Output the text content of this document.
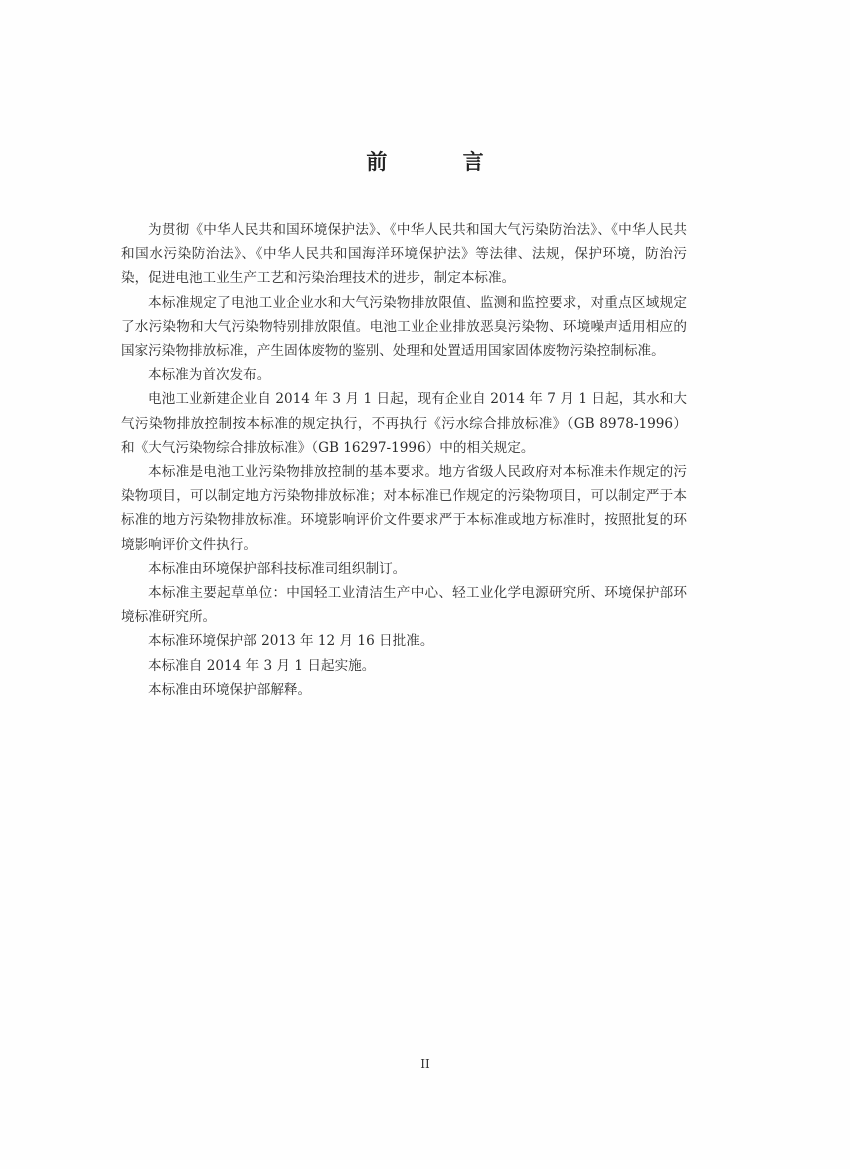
前 言

为贯彻《中华人民共和国环境保护法》、《中华人民共和国大气污染防治法》、《中华人民共和国水污染防治法》、《中华人民共和国海洋环境保护法》等法律、法规，保护环境，防治污染，促进电池工业生产工艺和污染治理技术的进步，制定本标准。

本标准规定了电池工业企业水和大气污染物排放限值、监测和监控要求，对重点区域规定了水污染物和大气污染物特别排放限值。电池工业企业排放恶臭污染物、环境噪声适用相应的国家污染物排放标准，产生固体废物的鉴别、处理和处置适用国家固体废物污染控制标准。

本标准为首次发布。

电池工业新建企业自 2014 年 3 月 1 日起，现有企业自 2014 年 7 月 1 日起，其水和大气污染物排放控制按本标准的规定执行，不再执行《污水综合排放标准》（GB 8978-1996）和《大气污染物综合排放标准》（GB 16297-1996）中的相关规定。

本标准是电池工业污染物排放控制的基本要求。地方省级人民政府对本标准未作规定的污染物项目，可以制定地方污染物排放标准；对本标准已作规定的污染物项目，可以制定严于本标准的地方污染物排放标准。环境影响评价文件要求严于本标准或地方标准时，按照批复的环境影响评价文件执行。

本标准由环境保护部科技标准司组织制订。

本标准主要起草单位：中国轻工业清洁生产中心、轻工业化学电源研究所、环境保护部环境标准研究所。

本标准环境保护部 2013 年 12 月 16 日批准。

本标准自 2014 年 3 月 1 日起实施。

本标准由环境保护部解释。

II
